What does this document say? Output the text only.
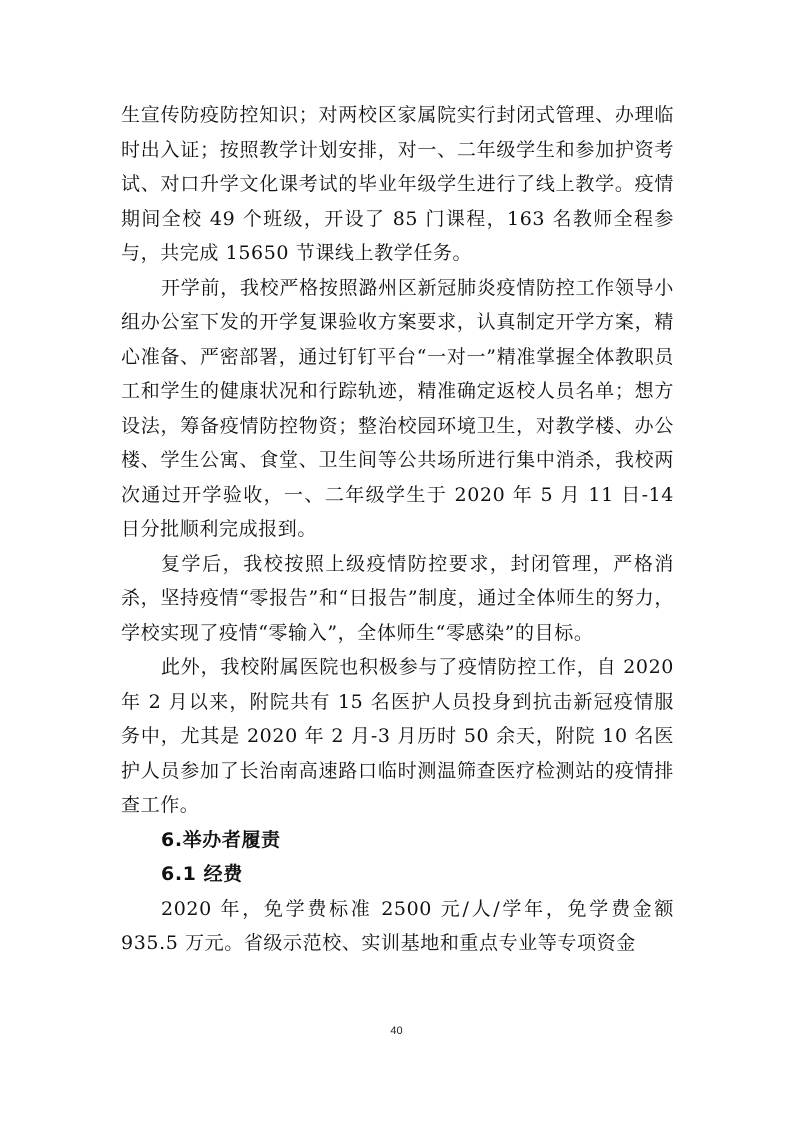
生宣传防疫防控知识；对两校区家属院实行封闭式管理、办理临时出入证；按照教学计划安排，对一、二年级学生和参加护资考试、对口升学文化课考试的毕业年级学生进行了线上教学。疫情期间全校 49 个班级，开设了 85 门课程，163 名教师全程参与，共完成 15650 节课线上教学任务。

开学前，我校严格按照潞州区新冠肺炎疫情防控工作领导小组办公室下发的开学复课验收方案要求，认真制定开学方案，精心准备、严密部署，通过钉钉平台“一对一”精准掌握全体教职员工和学生的健康状况和行踪轨迹，精准确定返校人员名单；想方设法，筹备疫情防控物资；整治校园环境卫生，对教学楼、办公楼、学生公寓、食堂、卫生间等公共场所进行集中消杀，我校两次通过开学验收，一、二年级学生于 2020 年 5 月 11 日-14 日分批顺利完成报到。

复学后，我校按照上级疫情防控要求，封闭管理，严格消杀，坚持疫情“零报告”和“日报告”制度，通过全体师生的努力，学校实现了疫情“零输入”，全体师生“零感染”的目标。

此外，我校附属医院也积极参与了疫情防控工作，自 2020 年 2 月以来，附院共有 15 名医护人员投身到抗击新冠疫情服务中，尤其是 2020 年 2 月-3 月历时 50 余天，附院 10 名医护人员参加了长治南高速路口临时测温筛查医疗检测站的疫情排查工作。

6.举办者履责

6.1 经费

2020 年，免学费标准 2500 元/人/学年，免学费金额 935.5 万元。省级示范校、实训基地和重点专业等专项资金

40
